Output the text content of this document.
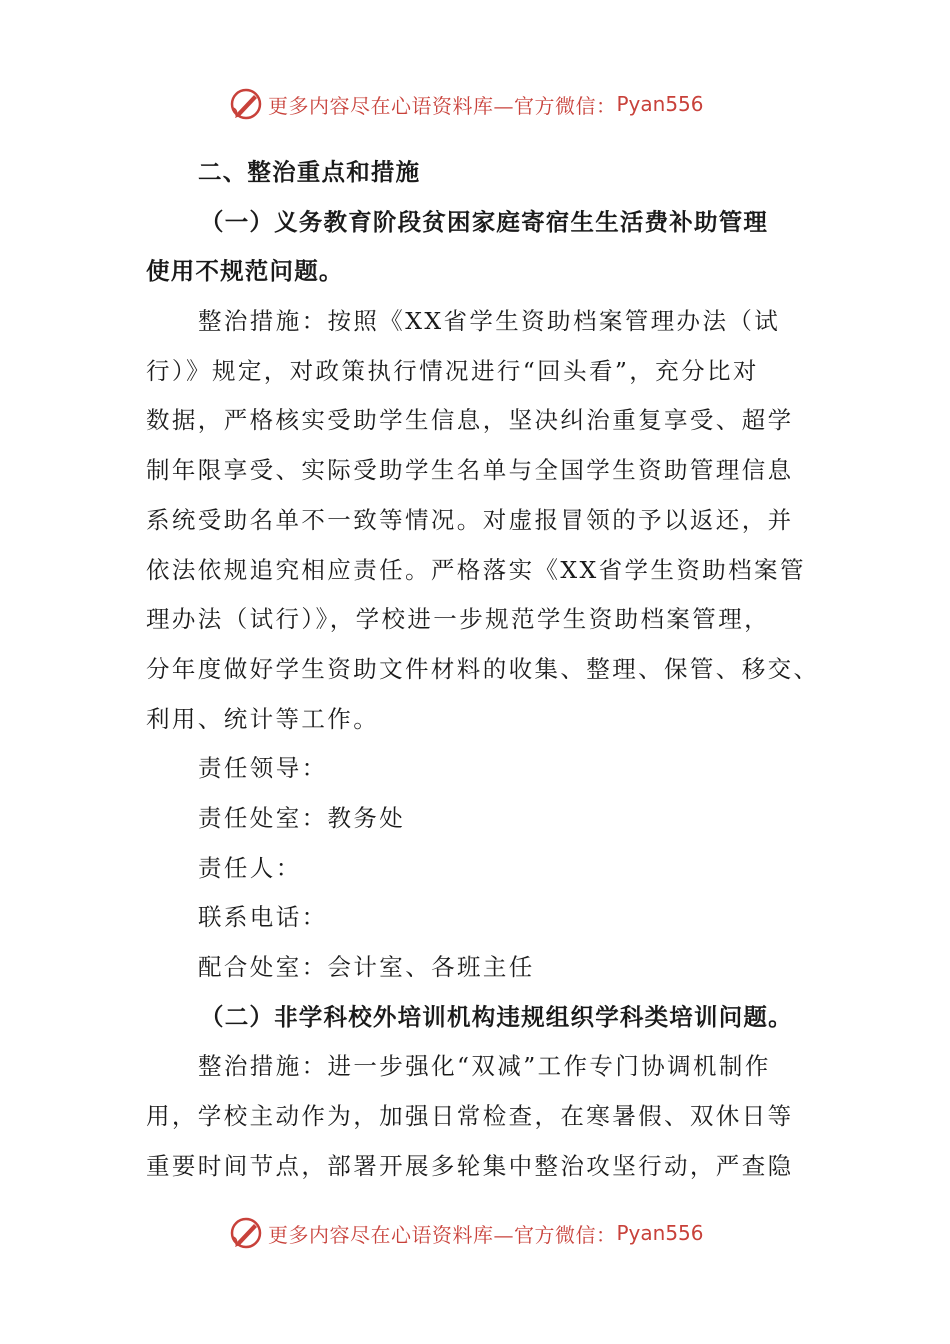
更多内容尽在心语资料库—官方微信： Pyan556
二、整治重点和措施
（一）义务教育阶段贫困家庭寄宿生生活费补助管理
使用不规范问题。
整治措施：按照《XX省学生资助档案管理办法（试
行）》规定，对政策执行情况进行“回头看”，充分比对
数据，严格核实受助学生信息，坚决纠治重复享受、超学
制年限享受、实际受助学生名单与全国学生资助管理信息
系统受助名单不一致等情况。对虚报冒领的予以返还，并
依法依规追究相应责任。严格落实《XX省学生资助档案管
理办法（试行）》，学校进一步规范学生资助档案管理，
分年度做好学生资助文件材料的收集、整理、保管、移交、
利用、统计等工作。
责任领导：
责任处室：教务处
责任人：
联系电话：
配合处室：会计室、各班主任
（二）非学科校外培训机构违规组织学科类培训问题。
整治措施：进一步强化“双减”工作专门协调机制作
用，学校主动作为，加强日常检查，在寒暑假、双休日等
重要时间节点，部署开展多轮集中整治攻坚行动，严查隐
更多内容尽在心语资料库—官方微信： Pyan556
